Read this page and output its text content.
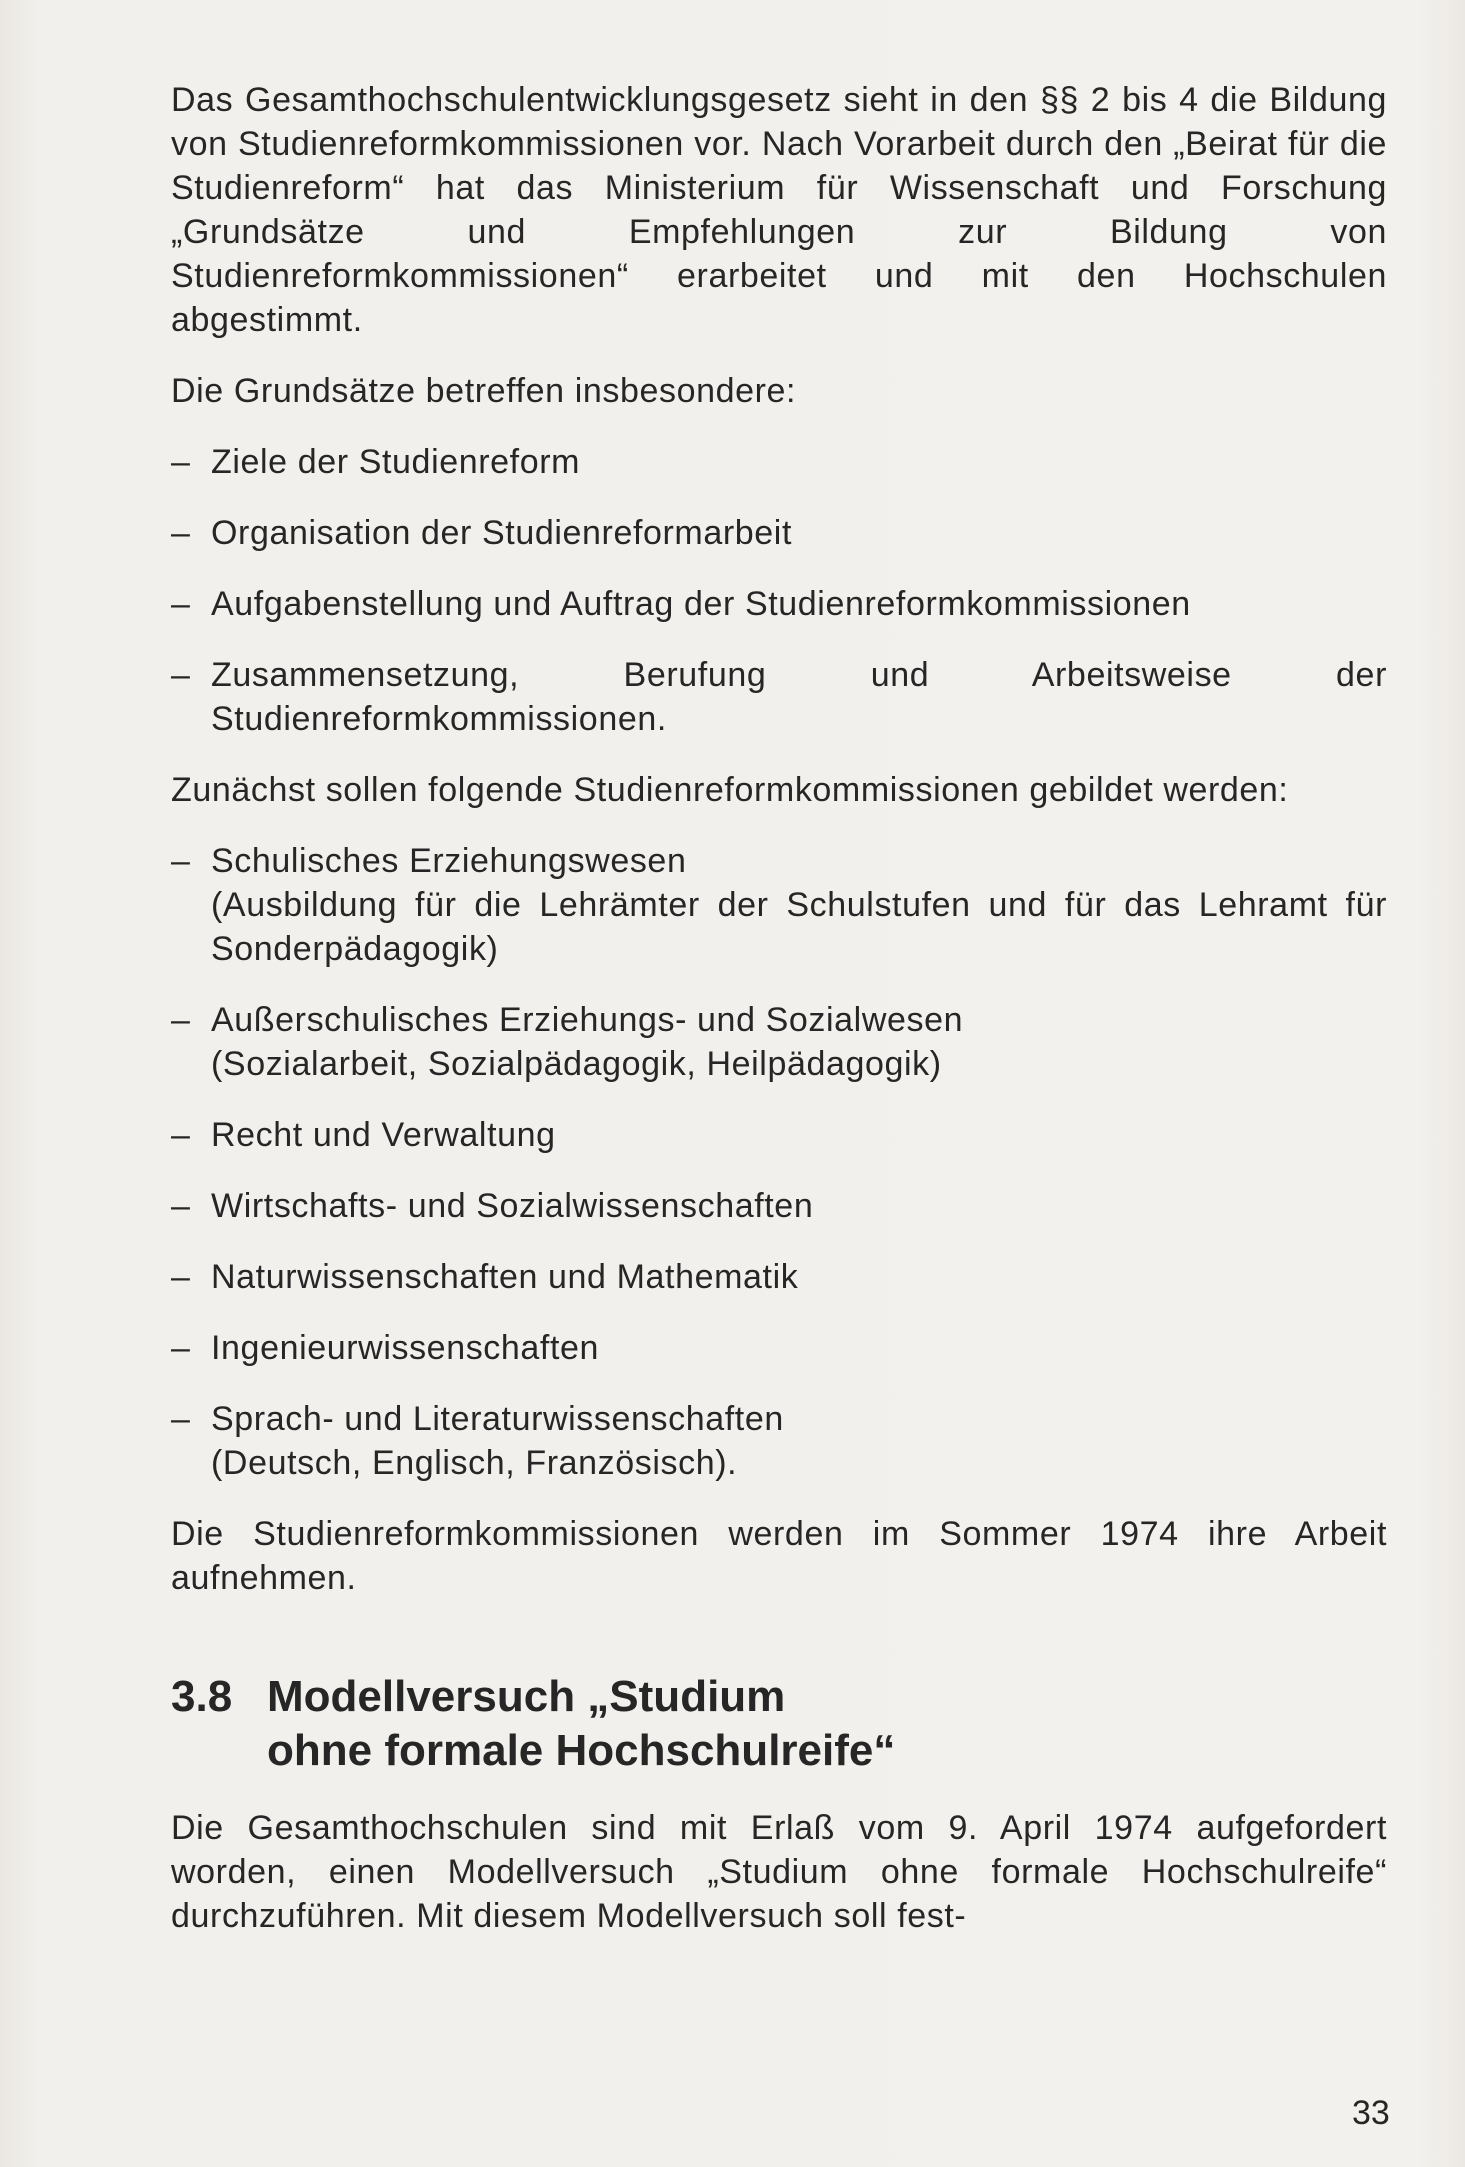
Das Gesamthochschulentwicklungsgesetz sieht in den §§ 2 bis 4 die Bildung von Studienreformkommissionen vor. Nach Vorarbeit durch den „Beirat für die Studienreform“ hat das Ministerium für Wissenschaft und Forschung „Grundsätze und Empfehlungen zur Bildung von Studienreformkommissionen“ erarbeitet und mit den Hochschulen abgestimmt.

Die Grundsätze betreffen insbesondere:

– Ziele der Studienreform
– Organisation der Studienreformarbeit
– Aufgabenstellung und Auftrag der Studienreformkommissionen
– Zusammensetzung, Berufung und Arbeitsweise der Studienreformkommissionen.

Zunächst sollen folgende Studienreformkommissionen gebildet werden:

– Schulisches Erziehungswesen
(Ausbildung für die Lehrämter der Schulstufen und für das Lehramt für Sonderpädagogik)
– Außerschulisches Erziehungs- und Sozialwesen
(Sozialarbeit, Sozialpädagogik, Heilpädagogik)
– Recht und Verwaltung
– Wirtschafts- und Sozialwissenschaften
– Naturwissenschaften und Mathematik
– Ingenieurwissenschaften
– Sprach- und Literaturwissenschaften
(Deutsch, Englisch, Französisch).

Die Studienreformkommissionen werden im Sommer 1974 ihre Arbeit aufnehmen.

3.8 Modellversuch „Studium
ohne formale Hochschulreife“

Die Gesamthochschulen sind mit Erlaß vom 9. April 1974 aufgefordert worden, einen Modellversuch „Studium ohne formale Hochschulreife“ durchzuführen. Mit diesem Modellversuch soll fest-

33
